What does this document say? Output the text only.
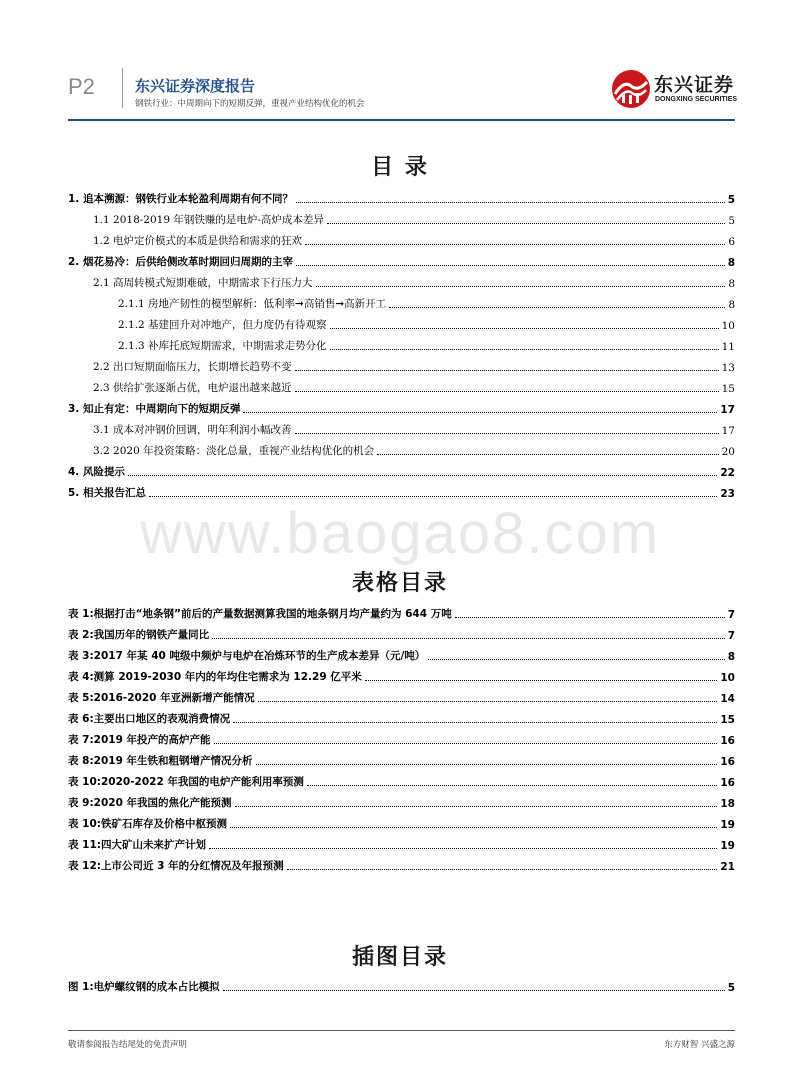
P2	东兴证券深度报告
钢铁行业：中周期向下的短期反弹，重视产业结构优化的机会
东兴证券
DONGXING SECURITIES
目 录
1. 追本溯源：钢铁行业本轮盈利周期有何不同？	5
1.1 2018-2019 年钢铁赚的是电炉-高炉成本差异	5
1.2 电炉定价模式的本质是供给和需求的狂欢	6
2. 烟花易冷：后供给侧改革时期回归周期的主宰	8
2.1 高周转模式短期难破，中期需求下行压力大	8
2.1.1 房地产韧性的模型解析：低利率➞高销售➞高新开工	8
2.1.2 基建回升对冲地产，但力度仍有待观察	10
2.1.3 补库托底短期需求，中期需求走势分化	11
2.2 出口短期面临压力，长期增长趋势不变	13
2.3 供给扩张逐渐占优，电炉退出越来越近	15
3. 知止有定：中周期向下的短期反弹	17
3.1 成本对冲钢价回调，明年利润小幅改善	17
3.2 2020 年投资策略：淡化总量，重视产业结构优化的机会	20
4. 风险提示	22
5. 相关报告汇总	23
www.baogao8.com
表格目录
表 1:根据打击“地条钢”前后的产量数据测算我国的地条钢月均产量约为 644 万吨	7
表 2:我国历年的钢铁产量同比	7
表 3:2017 年某 40 吨级中频炉与电炉在冶炼环节的生产成本差异（元/吨）	8
表 4:测算 2019-2030 年内的年均住宅需求为 12.29 亿平米	10
表 5:2016-2020 年亚洲新增产能情况	14
表 6:主要出口地区的表观消费情况	15
表 7:2019 年投产的高炉产能	16
表 8:2019 年生铁和粗钢增产情况分析	16
表 10:2020-2022 年我国的电炉产能利用率预测	16
表 9:2020 年我国的焦化产能预测	18
表 10:铁矿石库存及价格中枢预测	19
表 11:四大矿山未来扩产计划	19
表 12:上市公司近 3 年的分红情况及年报预测	21
插图目录
图 1:电炉螺纹钢的成本占比模拟	5
敬请参阅报告结尾处的免责声明	东方财智 兴盛之源
